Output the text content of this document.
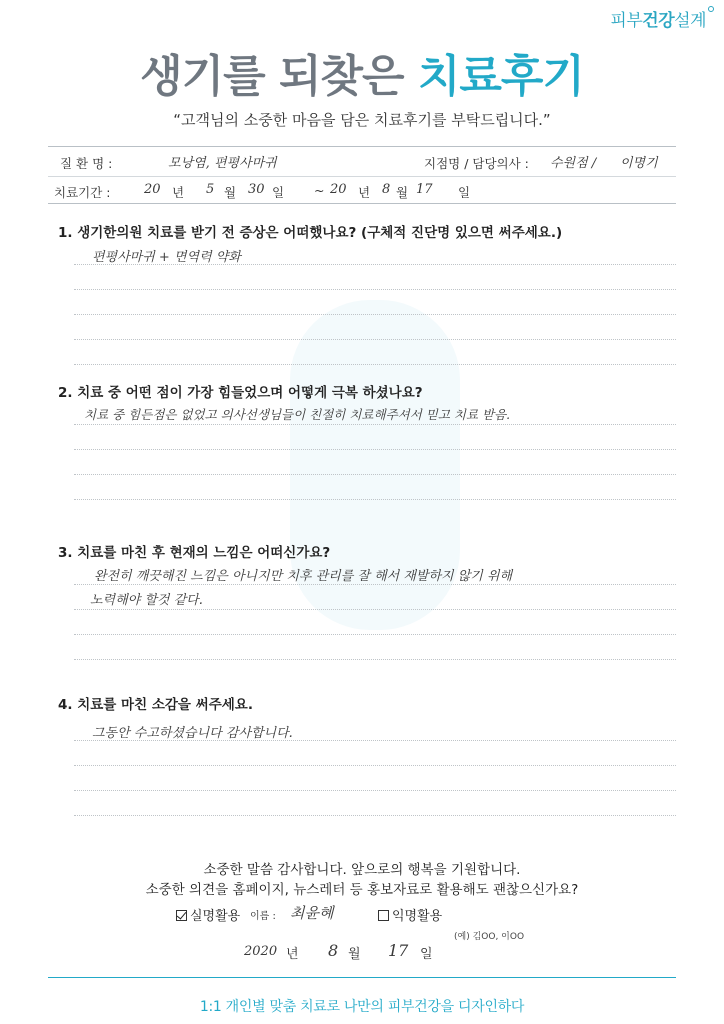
피부건강설계
생기를 되찾은 치료후기
“고객님의 소중한 마음을 담은 치료후기를 부탁드립니다.”
질 환 명 :	모낭염, 편평사마귀	지점명 / 담당의사 : 수원점 / 이명기
치료기간 :	20 년 5 월 30 일 ~ 20 년 8 월 17 일
1. 생기한의원 치료를 받기 전 증상은 어떠했나요? (구체적 진단명 있으면 써주세요.)
편평사마귀 + 면역력 약화
2. 치료 중 어떤 점이 가장 힘들었으며 어떻게 극복 하셨나요?
치료 중 힘든점은 없었고 의사선생님들이 친절히 치료해주셔서 믿고 치료 받음.
3. 치료를 마친 후 현재의 느낌은 어떠신가요?
완전히 깨끗해진 느낌은 아니지만 치후 관리를 잘 해서 재발하지 않기 위해
노력해야 할것 같다.
4. 치료를 마친 소감을 써주세요.
그동안 수고하셨습니다 감사합니다.
소중한 말씀 감사합니다. 앞으로의 행복을 기원합니다.
소중한 의견을 홈페이지, 뉴스레터 등 홍보자료로 활용해도 괜찮으신가요?
실명활용 이름 : 최윤혜	익명활용
(예) 김OO, 이OO
2020 년 8 월 17 일
1:1 개인별 맞춤 치료로 나만의 피부건강을 디자인하다
